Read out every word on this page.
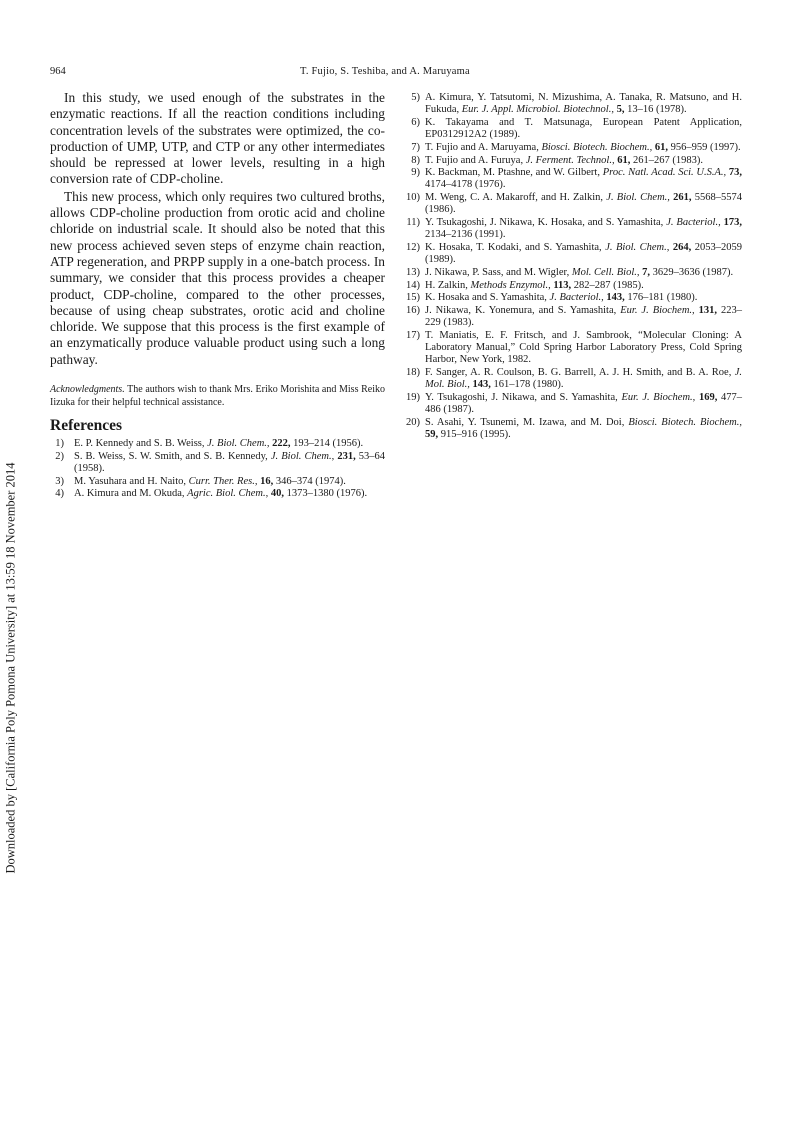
964	T. Fujio, S. Teshiba, and A. Maruyama
Downloaded by [California Poly Pomona University] at 13:59 18 November 2014

In this study, we used enough of the substrates in the enzymatic reactions. If all the reaction conditions including concentration levels of the substrates were optimized, the co-production of UMP, UTP, and CTP or any other intermediates should be repressed at lower levels, resulting in a high conversion rate of CDP-choline.

This new process, which only requires two cultured broths, allows CDP-choline production from orotic acid and choline chloride on industrial scale. It should also be noted that this new process achieved seven steps of enzyme chain reaction, ATP regeneration, and PRPP supply in a one-batch process. In summary, we consider that this process provides a cheaper product, CDP-choline, compared to the other processes, because of using cheap substrates, orotic acid and choline chloride. We suppose that this process is the first example of an enzymatically produce valuable product using such a long pathway.

Acknowledgments. The authors wish to thank Mrs. Eriko Morishita and Miss Reiko Iizuka for their helpful technical assistance.
References
1) E. P. Kennedy and S. B. Weiss, J. Biol. Chem., 222, 193–214 (1956).
2) S. B. Weiss, S. W. Smith, and S. B. Kennedy, J. Biol. Chem., 231, 53–64 (1958).
3) M. Yasuhara and H. Naito, Curr. Ther. Res., 16, 346–374 (1974).
4) A. Kimura and M. Okuda, Agric. Biol. Chem., 40, 1373–1380 (1976).
5) A. Kimura, Y. Tatsutomi, N. Mizushima, A. Tanaka, R. Matsuno, and H. Fukuda, Eur. J. Appl. Microbiol. Biotechnol., 5, 13–16 (1978).
6) K. Takayama and T. Matsunaga, European Patent Application, EP0312912A2 (1989).
7) T. Fujio and A. Maruyama, Biosci. Biotech. Biochem., 61, 956–959 (1997).
8) T. Fujio and A. Furuya, J. Ferment. Technol., 61, 261–267 (1983).
9) K. Backman, M. Ptashne, and W. Gilbert, Proc. Natl. Acad. Sci. U.S.A., 73, 4174–4178 (1976).
10) M. Weng, C. A. Makaroff, and H. Zalkin, J. Biol. Chem., 261, 5568–5574 (1986).
11) Y. Tsukagoshi, J. Nikawa, K. Hosaka, and S. Yamashita, J. Bacteriol., 173, 2134–2136 (1991).
12) K. Hosaka, T. Kodaki, and S. Yamashita, J. Biol. Chem., 264, 2053–2059 (1989).
13) J. Nikawa, P. Sass, and M. Wigler, Mol. Cell. Biol., 7, 3629–3636 (1987).
14) H. Zalkin, Methods Enzymol., 113, 282–287 (1985).
15) K. Hosaka and S. Yamashita, J. Bacteriol., 143, 176–181 (1980).
16) J. Nikawa, K. Yonemura, and S. Yamashita, Eur. J. Biochem., 131, 223–229 (1983).
17) T. Maniatis, E. F. Fritsch, and J. Sambrook, “Molecular Cloning: A Laboratory Manual,” Cold Spring Harbor Laboratory Press, Cold Spring Harbor, New York, 1982.
18) F. Sanger, A. R. Coulson, B. G. Barrell, A. J. H. Smith, and B. A. Roe, J. Mol. Biol., 143, 161–178 (1980).
19) Y. Tsukagoshi, J. Nikawa, and S. Yamashita, Eur. J. Biochem., 169, 477–486 (1987).
20) S. Asahi, Y. Tsunemi, M. Izawa, and M. Doi, Biosci. Biotech. Biochem., 59, 915–916 (1995).
